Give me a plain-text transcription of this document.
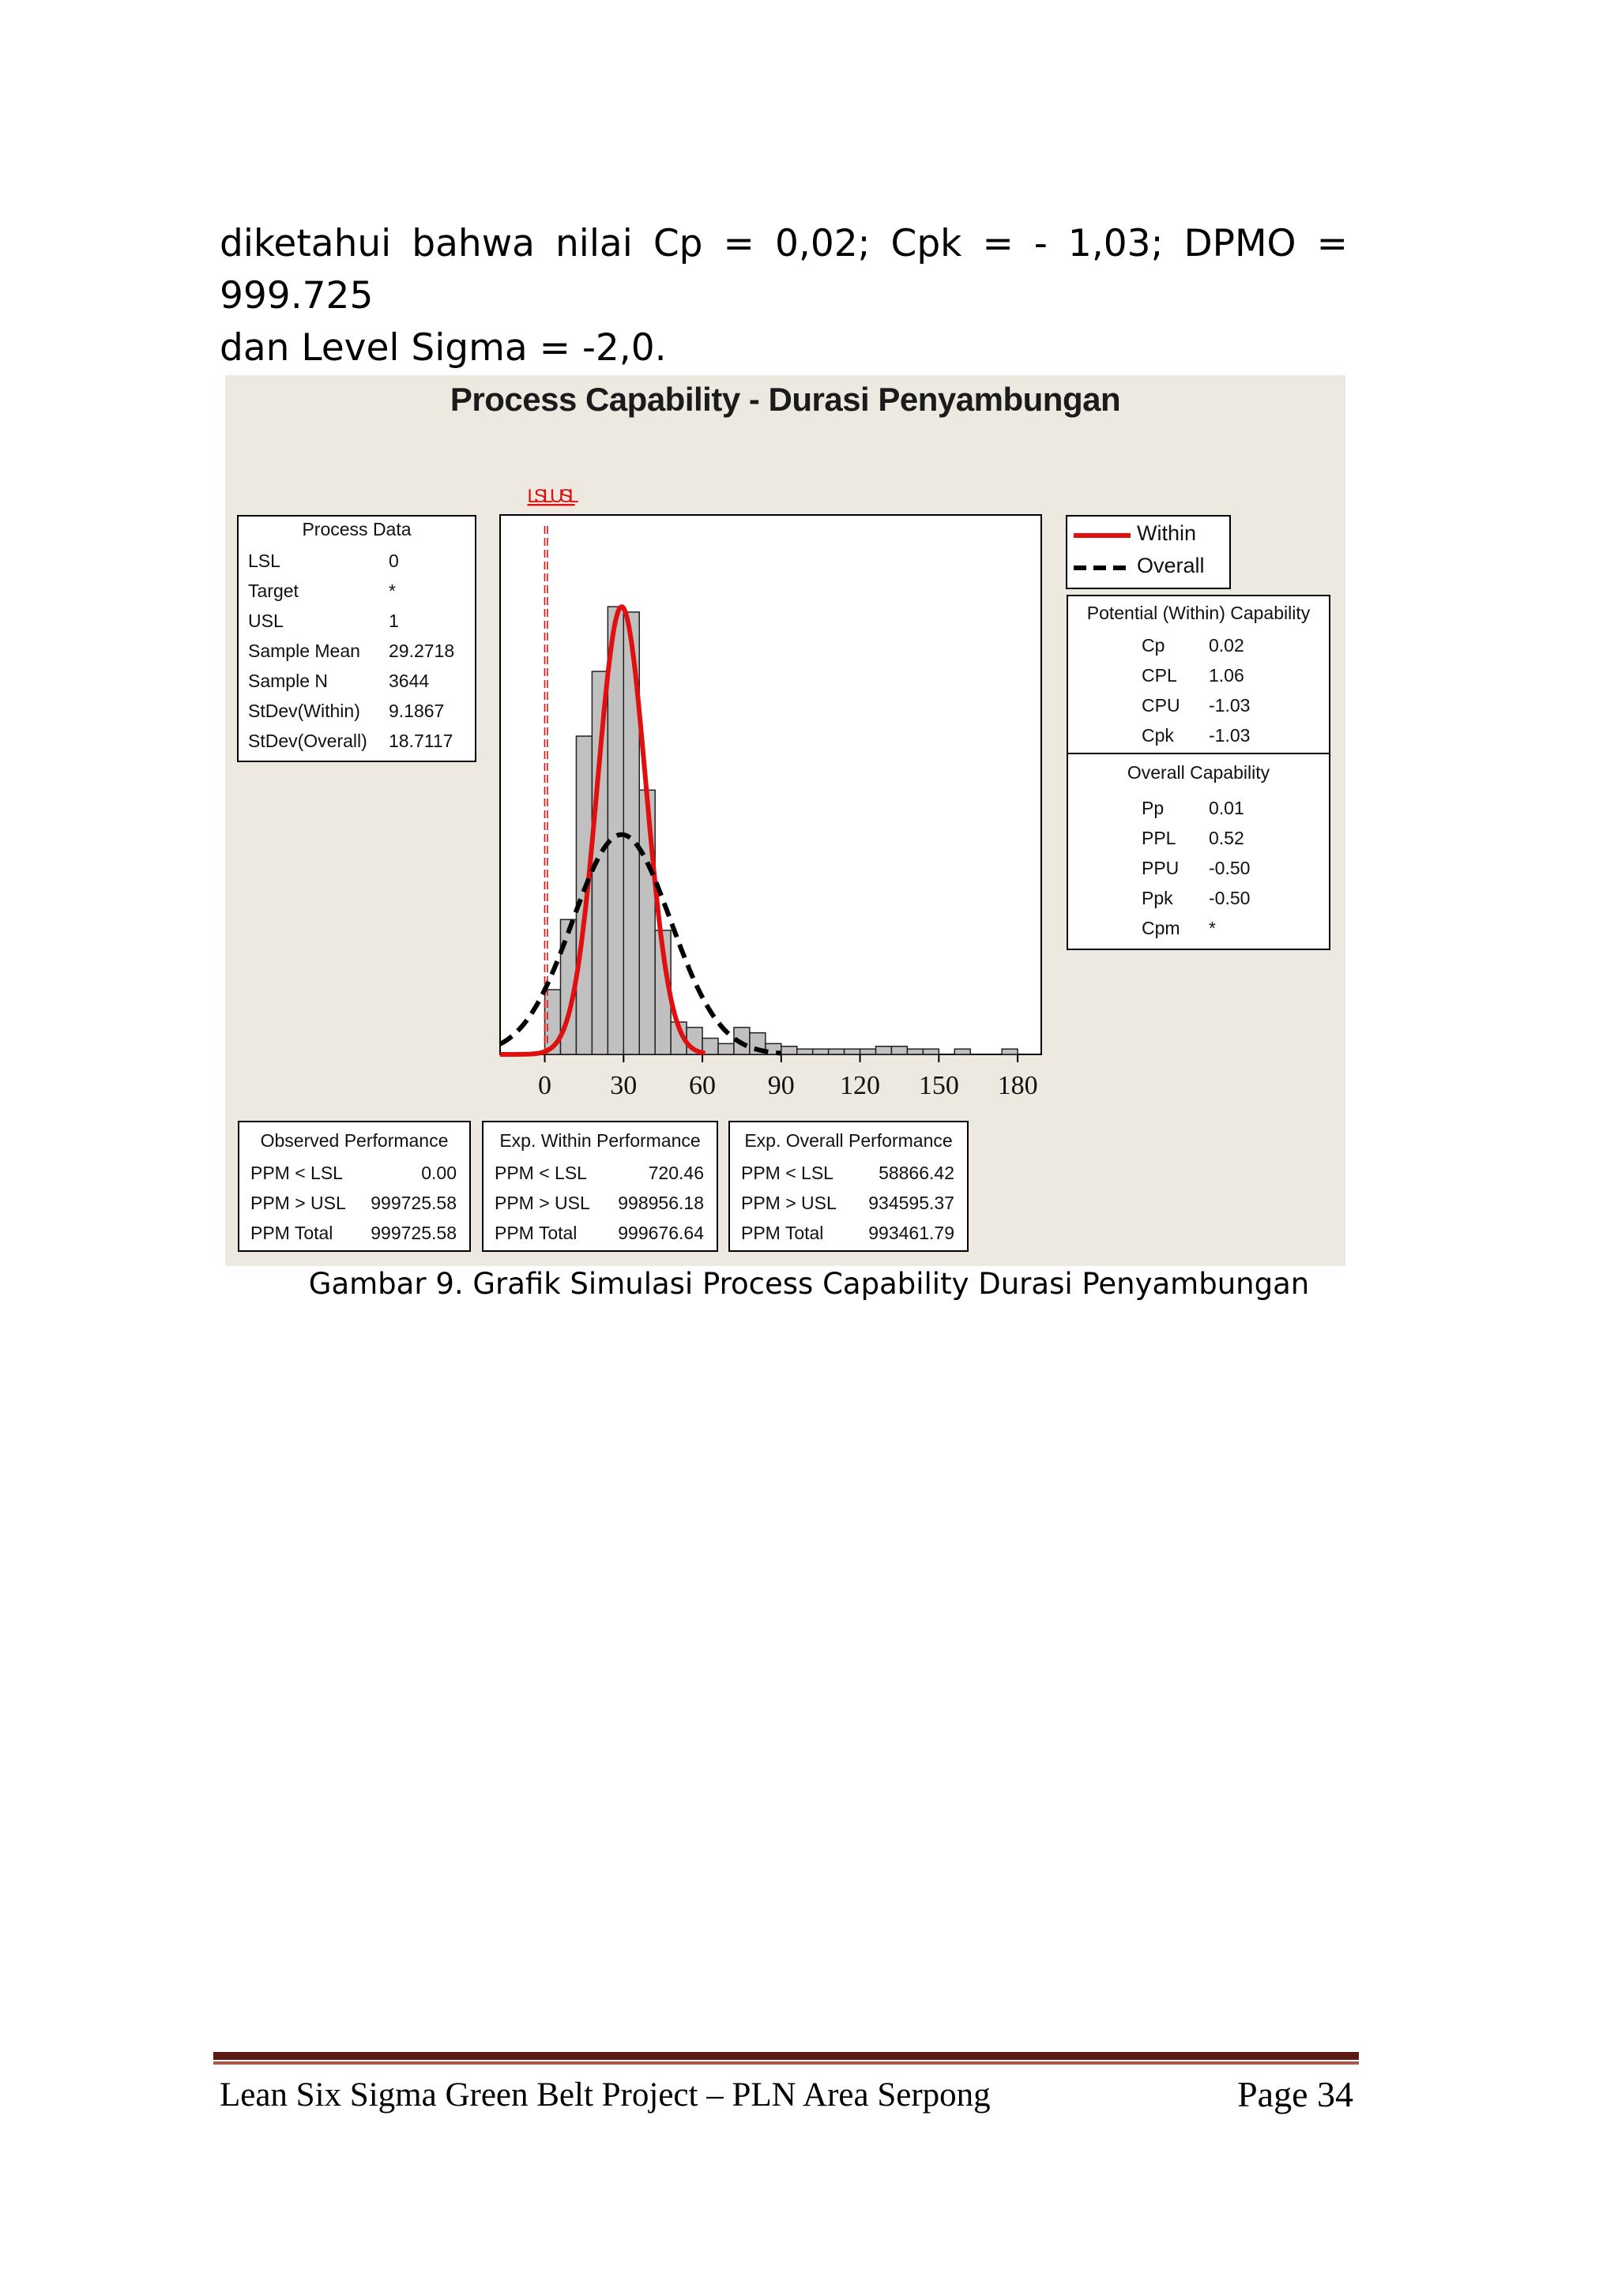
diketahui bahwa nilai Cp = 0,02; Cpk = - 1,03; DPMO = 999.725
dan Level Sigma = -2,0.

LSL USL
0 30 60 90 120 150 180
Process Capability - Durasi Penyambungan
Process Data
LSL	0
Target	*
USL	1
Sample Mean 29.2718
Sample N	3644
StDev(Within) 9.1867
StDev(Overall) 18.7117
Within
Overall
Potential (Within) Capability
Cp 0.02
CPL 1.06
CPU -1.03
Cpk -1.03
Overall Capability
Pp 0.01
PPL 0.52
PPU -0.50
Ppk -0.50
Cpm *
Observed Performance
PPM < LSL	0.00
PPM > USL 999725.58
PPM Total 999725.58
Exp. Within Performance
PPM < LSL	720.46
PPM > USL 998956.18
PPM Total 999676.64
Exp. Overall Performance
PPM < LSL 58866.42
PPM > USL 934595.37
PPM Total 993461.79
Gambar 9. Grafik Simulasi Process Capability Durasi Penyambungan
Lean Six Sigma Green Belt Project – PLN Area Serpong	Page 34
